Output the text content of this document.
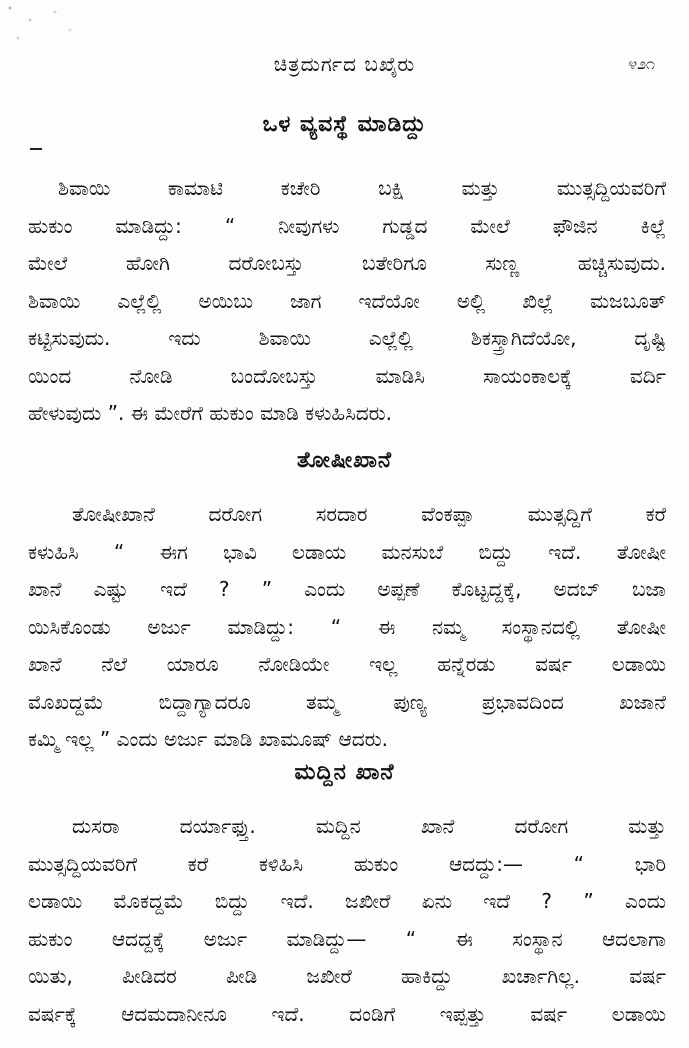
ಚಿತ್ರದುರ್ಗದ ಬಖೈರು	೪೨೧
ಒಳ ವ್ಯವಸ್ಥೆ ಮಾಡಿದ್ದು
ಶಿವಾಯಿ ಕಾಮಾಟಿ ಕಚೇರಿ ಬಕ್ಷಿ ಮತ್ತು ಮುತ್ಸದ್ದಿಯವರಿಗೆ
ಹುಕುಂ ಮಾಡಿದ್ದು: “ ನೀವುಗಳು ಗುಡ್ಡದ ಮೇಲೆ ಫೌಜಿನ ಕಿಲ್ಲೆ
ಮೇಲೆ ಹೋಗಿ ದರೋಬಸ್ತು ಬತೇರಿಗೂ ಸುಣ್ಣ ಹಚ್ಚಿಸುವುದು.
ಶಿವಾಯಿ ಎಲ್ಲೆಲ್ಲಿ ಅಯಿಬು ಜಾಗ ಇದೆಯೋ ಅಲ್ಲಿ ಖಿಲ್ಲೆ ಮಜಬೂತ್
ಕಟ್ಟಿಸುವುದು. ಇದು ಶಿವಾಯಿ ಎಲ್ಲೆಲ್ಲಿ ಶಿಕಸ್ತ್ರಾಗಿದೆಯೋ, ದೃಷ್ಟಿ
ಯಿಂದ ನೋಡಿ ಬಂದೋಬಸ್ತು ಮಾಡಿಸಿ ಸಾಯಂಕಾಲಕ್ಕೆ ವರ್ದಿ
ಹೇಳುವುದು ”. ಈ ಮೇರೆಗೆ ಹುಕುಂ ಮಾಡಿ ಕಳುಹಿಸಿದರು.
ತೋಷೀಖಾನೆ
ತೋಷೀಖಾನೆ ದರೋಗ ಸರದಾರ ವೆಂಕಪ್ಪಾ ಮುತ್ಸದ್ದಿಗೆ ಕರೆ
ಕಳುಹಿಸಿ “ ಈಗ ಭಾವಿ ಲಡಾಯ ಮನಸುಬೆ ಬಿದ್ದು ಇದೆ. ತೋಷೀ
ಖಾನೆ ಎಷ್ಟು ಇದೆ ? ” ಎಂದು ಅಪ್ಪಣೆ ಕೊಟ್ಟದ್ದಕ್ಕೆ, ಅದಬ್ ಬಜಾ
ಯಿಸಿಕೊಂಡು ಅರ್ಜು ಮಾಡಿದ್ದು: “ ಈ ನಮ್ಮ ಸಂಸ್ಥಾನದಲ್ಲಿ ತೋಷೀ
ಖಾನೆ ನೆಲೆ ಯಾರೂ ನೋಡಿಯೇ ಇಲ್ಲ ಹನ್ನೆರಡು ವರ್ಷ ಲಡಾಯಿ
ಮೊಖದ್ದಮೆ ಬಿದ್ದಾಗ್ಯಾದರೂ ತಮ್ಮ ಪುಣ್ಯ ಪ್ರಭಾವದಿಂದ ಖಜಾನೆ
ಕಮ್ಮಿ ಇಲ್ಲ ” ಎಂದು ಅರ್ಜು ಮಾಡಿ ಖಾಮೂಷ್ ಆದರು.
ಮದ್ದಿನ ಖಾನೆ
ದುಸರಾ ದರ್ಯಾಫ್ತು. ಮದ್ದಿನ ಖಾನೆ ದರೋಗ ಮತ್ತು
ಮುತ್ಸದ್ದಿಯವರಿಗೆ ಕರೆ ಕಳಿಹಿಸಿ ಹುಕುಂ ಆದದ್ದು:— “ ಭಾರಿ
ಲಡಾಯಿ ಮೊಕದ್ದಮೆ ಬಿದ್ದು ಇದೆ. ಜಖೀರೆ ಏನು ಇದೆ ? ” ಎಂದು
ಹುಕುಂ ಆದದ್ದಕ್ಕೆ ಅರ್ಜು ಮಾಡಿದ್ದು— “ ಈ ಸಂಸ್ಥಾನ ಆದಲಾಗಾ
ಯಿತು, ಪೀಡಿದರ ಪೀಡಿ ಜಖೀರೆ ಹಾಕಿದ್ದು ಖರ್ಚಾಗಿಲ್ಲ. ವರ್ಷ
ವರ್ಷಕ್ಕೆ ಆದಮದಾನೀನೂ ಇದೆ. ದಂಡಿಗೆ ಇಪ್ಪತ್ತು ವರ್ಷ ಲಡಾಯಿ
